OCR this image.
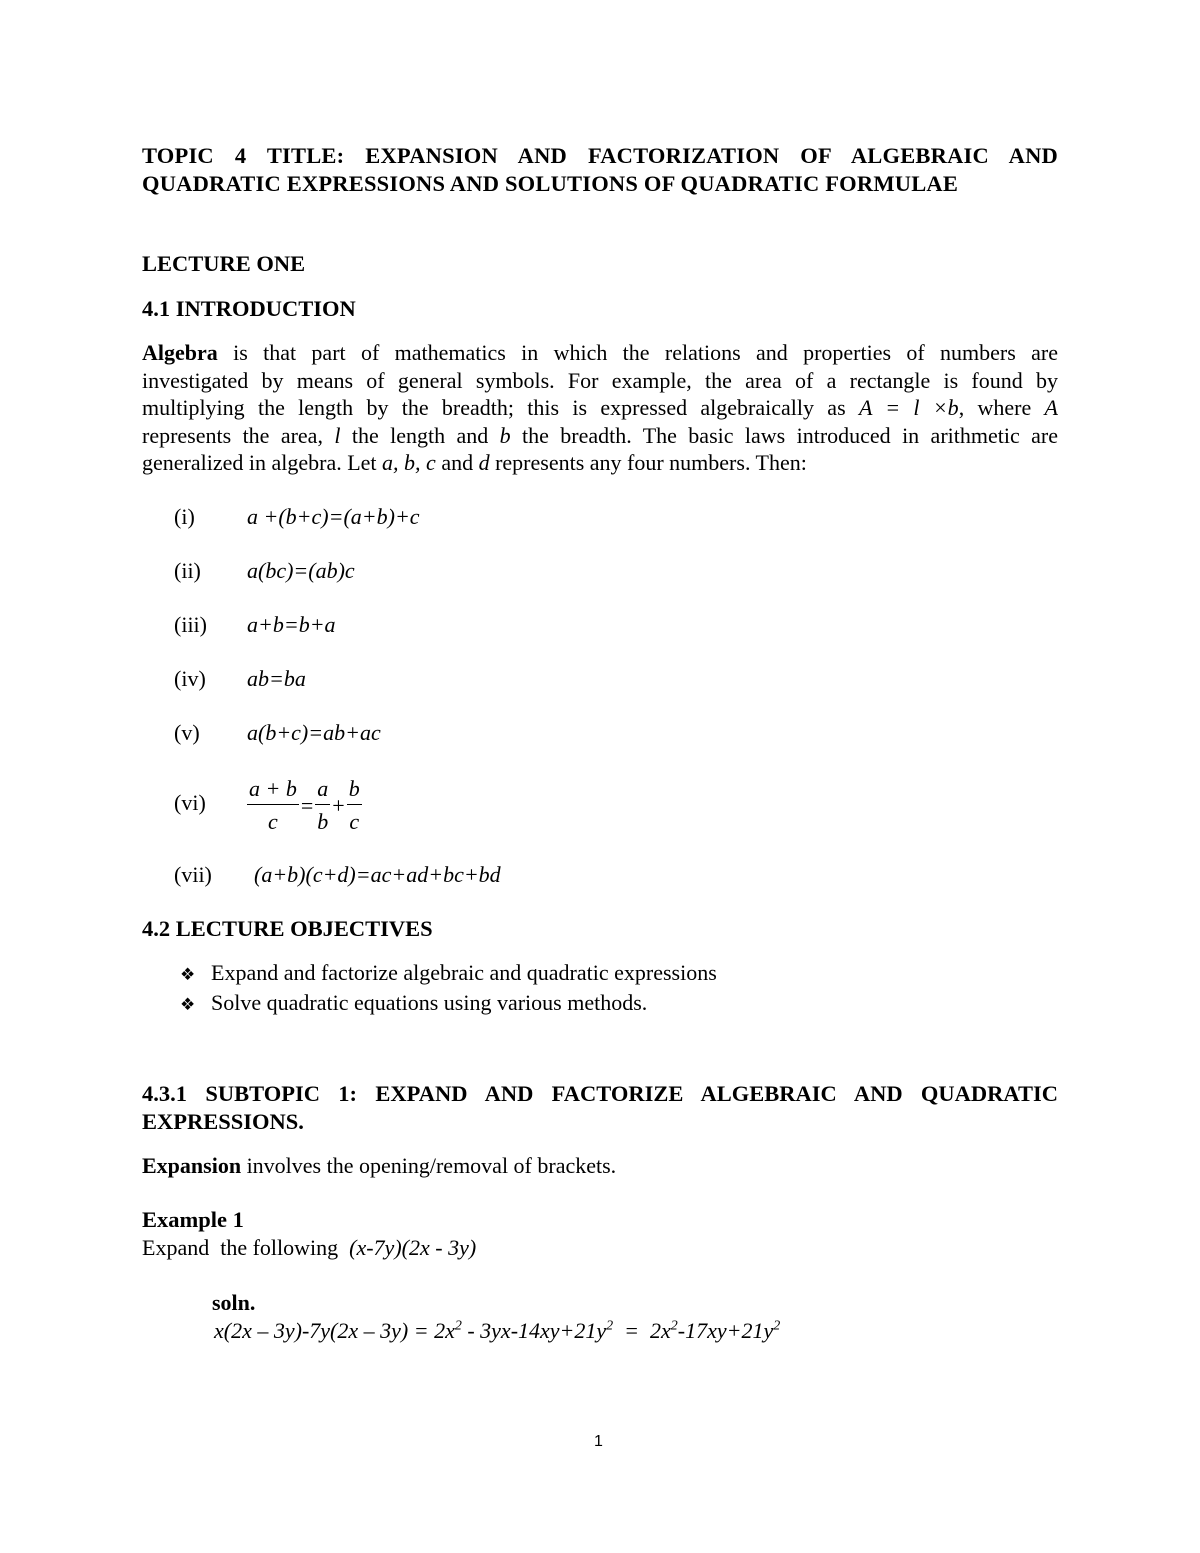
TOPIC 4 TITLE: EXPANSION AND FACTORIZATION OF ALGEBRAIC AND
QUADRATIC EXPRESSIONS AND SOLUTIONS OF QUADRATIC FORMULAE
LECTURE ONE
4.1 INTRODUCTION
Algebra is that part of mathematics in which the relations and properties of numbers are
investigated by means of general symbols. For example, the area of a rectangle is found by
multiplying the length by the breadth; this is expressed algebraically as A = l ×b, where A
represents the area, l the length and b the breadth. The basic laws introduced in arithmetic are
generalized in algebra. Let a, b, c and d represents any four numbers. Then:
(i) a +(b+c)=(a+b)+c
(ii) a(bc)=(ab)c
(iii) a+b=b+a
(iv) ab=ba
(v) a(b+c)=ab+ac
$(vi) \frac{a + b}{c} = \frac{a}{b} + \frac{b}{c}$
(vii) (a+b)(c+d)=ac+ad+bc+bd
4.2 LECTURE OBJECTIVES
❖ Expand and factorize algebraic and quadratic expressions
❖ Solve quadratic equations using various methods.
4.3.1 SUBTOPIC 1: EXPAND AND FACTORIZE ALGEBRAIC AND QUADRATIC
EXPRESSIONS.
Expansion involves the opening/removal of brackets.
Example 1
Expand  the following  (x-7y)(2x - 3y)
soln.
$x(2x - 3y)-7y(2x - 3y) = 2x^2 - 3yx-14xy+21y^2 = 2x^2-17xy+21y^2$
1
